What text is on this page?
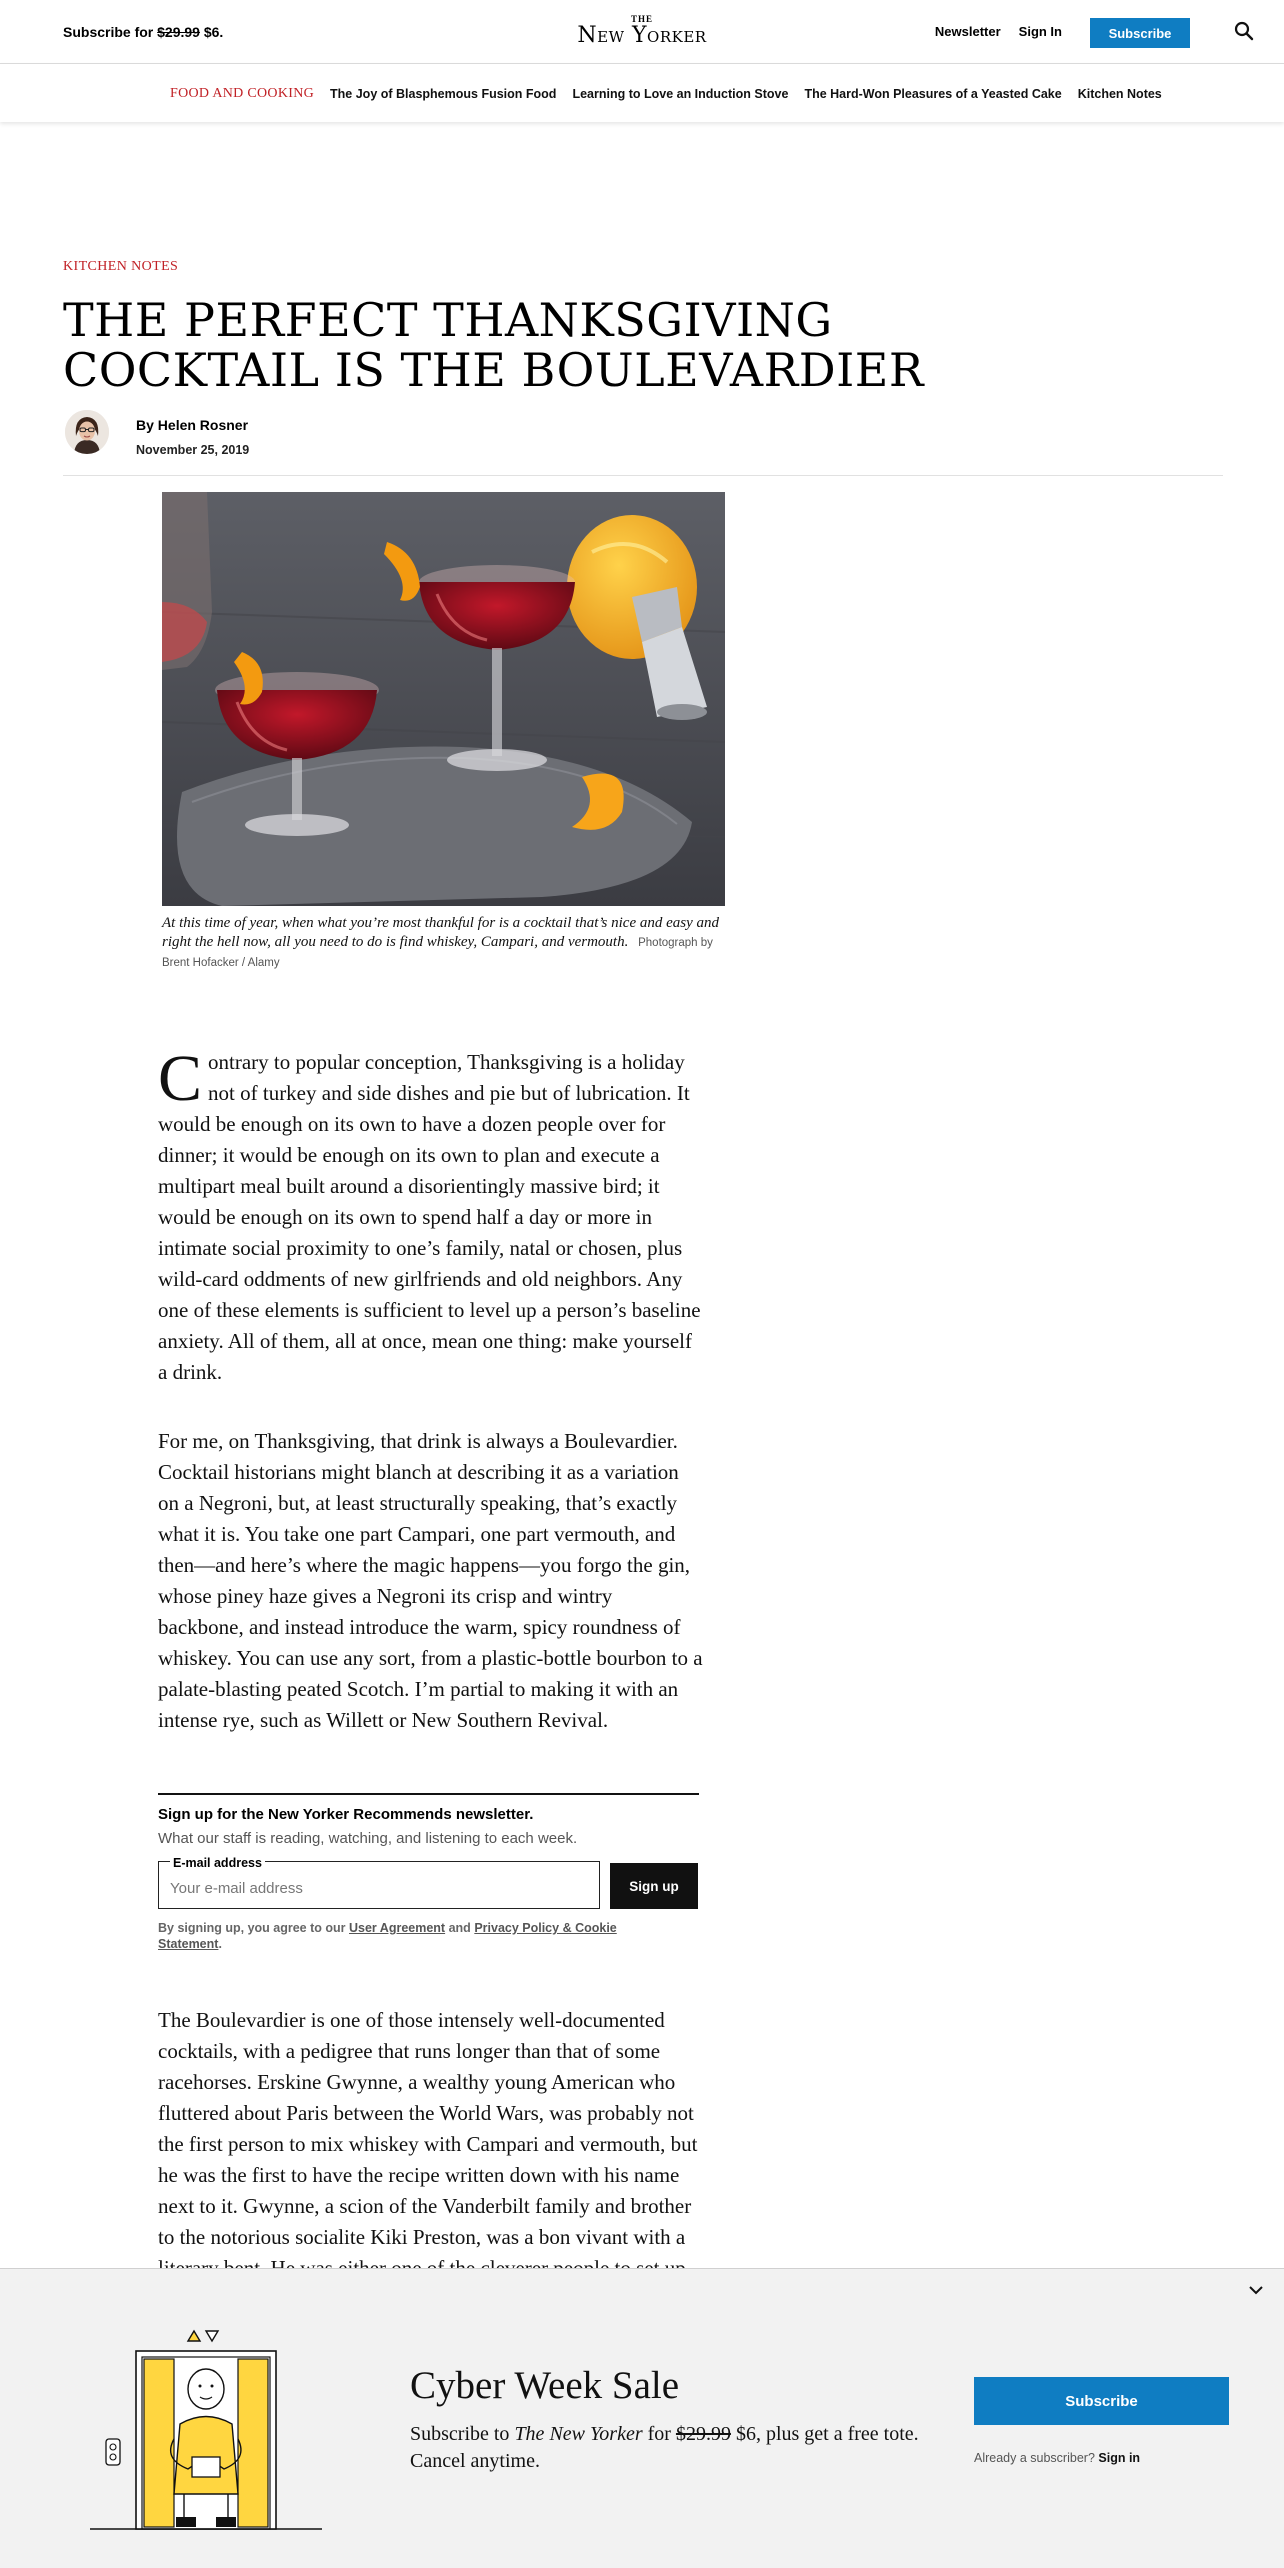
Subscribe for $29.99 $6.
THE
New Yorker	Newsletter Sign In	Subscribe
FOOD AND COOKING The Joy of Blasphemous Fusion Food Learning to Love an Induction Stove The Hard-Won Pleasures of a Yeasted Cake Kitchen Notes
KITCHEN NOTES
THE PERFECT THANKSGIVING
COCKTAIL IS THE BOULEVARDIER
By Helen Rosner
November 25, 2019
At this time of year, when what you’re most thankful for is a cocktail that’s nice and easy and right the hell now, all you need to do is find whiskey, Campari, and vermouth. Photograph by Brent Hofacker / Alamy

Contrary to popular conception, Thanksgiving is a holiday not of turkey and side dishes and pie but of lubrication. It would be enough on its own to have a dozen people over for dinner; it would be enough on its own to plan and execute a multipart meal built around a disorientingly massive bird; it would be enough on its own to spend half a day or more in intimate social proximity to one’s family, natal or chosen, plus wild-card oddments of new girlfriends and old neighbors. Any one of these elements is sufficient to level up a person’s baseline anxiety. All of them, all at once, mean one thing: make yourself a drink.

For me, on Thanksgiving, that drink is always a Boulevardier. Cocktail historians might blanch at describing it as a variation on a Negroni, but, at least structurally speaking, that’s exactly what it is. You take one part Campari, one part vermouth, and then—and here’s where the magic happens—you forgo the gin, whose piney haze gives a Negroni its crisp and wintry backbone, and instead introduce the warm, spicy roundness of whiskey. You can use any sort, from a plastic-bottle bourbon to a palate-blasting peated Scotch. I’m partial to making it with an intense rye, such as Willett or New Southern Revival.

Sign up for the New Yorker Recommends newsletter.
What our staff is reading, watching, and listening to each week.
E-mail address
Your e-mail address
Sign up
By signing up, you agree to our User Agreement and Privacy Policy & Cookie Statement.

The Boulevardier is one of those intensely well-documented cocktails, with a pedigree that runs longer than that of some racehorses. Erskine Gwynne, a wealthy young American who fluttered about Paris between the World Wars, was probably not the first person to mix whiskey with Campari and vermouth, but he was the first to have the recipe written down with his name next to it. Gwynne, a scion of the Vanderbilt family and brother to the notorious socialite Kiki Preston, was a bon vivant with a

Cyber Week Sale
Subscribe to The New Yorker for $29.99 $6, plus get a free tote. Cancel anytime.
Subscribe
Already a subscriber? Sign in
